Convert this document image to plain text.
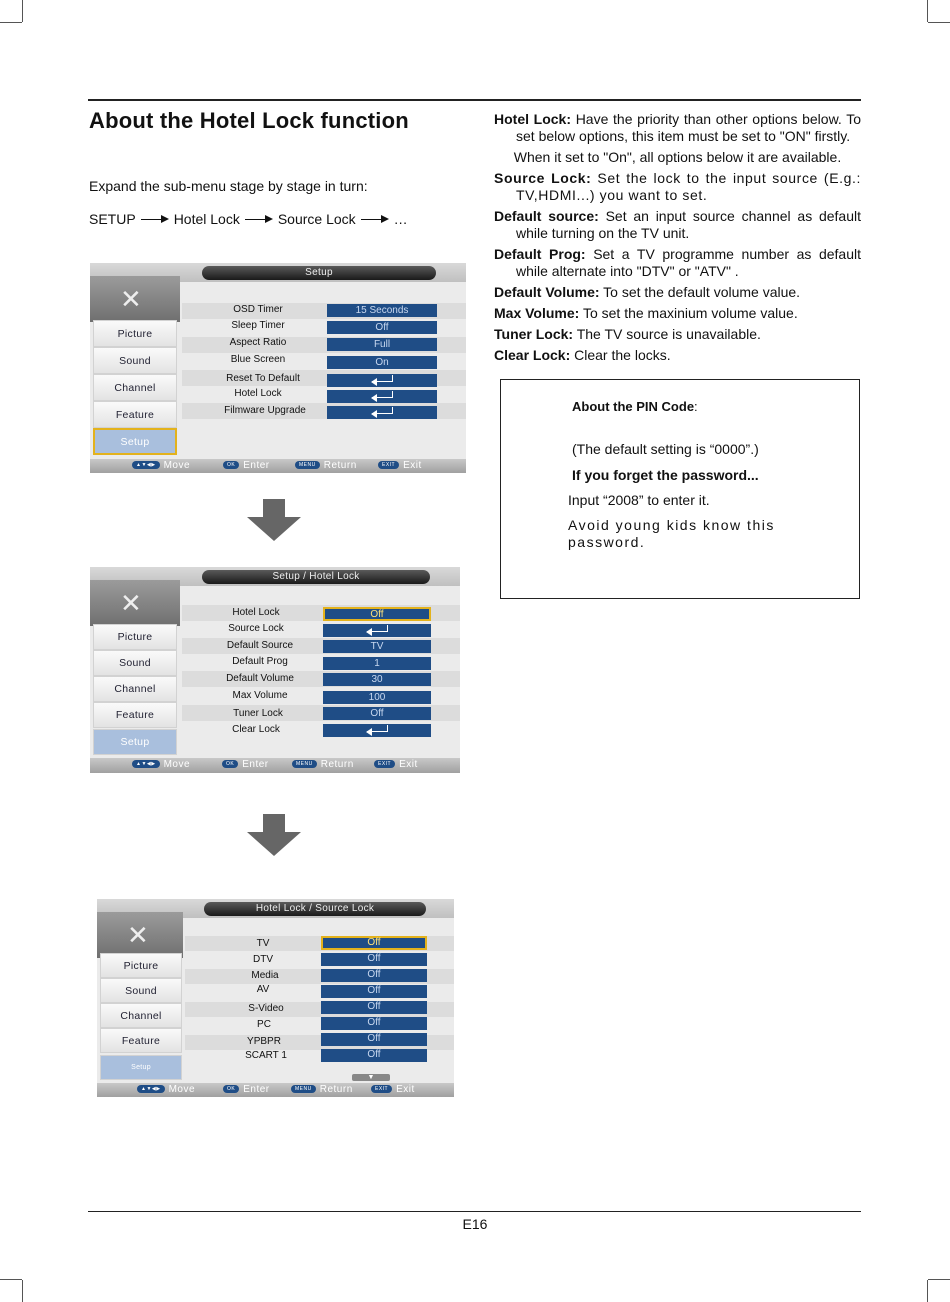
About the Hotel Lock function
Expand the sub-menu stage by stage in turn:
SETUP	Hotel Lock	Source Lock	…
Setup
✕
Picture
Sound
Channel
Feature
Setup
OSD Timer	15 Seconds
Sleep Timer	Off
Aspect Ratio	Full
Blue Screen	On
Reset To Default
Hotel Lock
Filmware Upgrade
▲▼◀▶ Move	OK Enter	MENU Return	EXIT Exit
Setup / Hotel Lock
✕
Picture
Sound
Channel
Feature
Setup
Hotel Lock	Off
Source Lock
Default Source	TV
Default Prog	1
Default Volume	30
Max Volume	100
Tuner Lock	Off
Clear Lock
▲▼◀▶ Move	OK Enter	MENU Return	EXIT Exit
Hotel Lock / Source Lock
✕
Picture
Sound
Channel
Feature
Setup
TV	Off
DTV	Off
Media	Off
AV	Off
S-Video	Off
PC	Off
YPBPR	Off
SCART 1	Off
▼
▲▼◀▶ Move	OK Enter	MENU Return	EXIT Exit

Hotel Lock: Have the priority than other options below. To set below options, this item must be set to "ON" firstly.

When it set to "On", all options below it are available.

Source Lock: Set the lock to the input source (E.g.: TV,HDMI...) you want to set.

Default source: Set an input source channel as default while turning on the TV unit.

Default Prog: Set a TV programme number as default while alternate into "DTV" or "ATV" .

Default Volume: To set the default volume value.

Max Volume: To set the maxinium volume value.

Tuner Lock: The TV source is unavailable.

Clear Lock: Clear the locks.

About the PIN Code:
(The default setting is “0000”.)
If you forget the password...
Input “2008” to enter it.
Avoid young kids know this password.
E16
